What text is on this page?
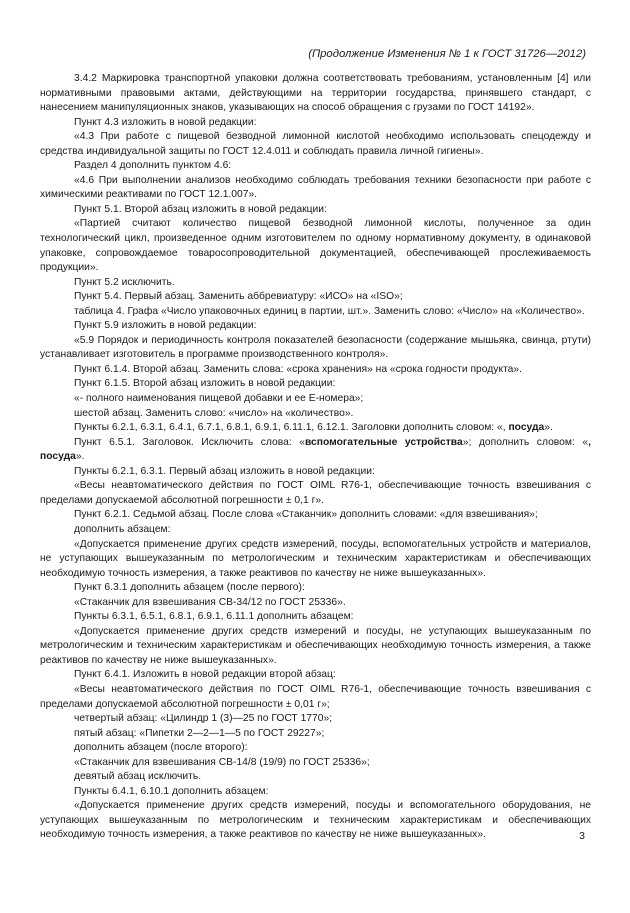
(Продолжение Изменения № 1 к ГОСТ 31726—2012)

3.4.2 Маркировка транспортной упаковки должна соответствовать требованиям, установленным [4] или нормативными правовыми актами, действующими на территории государства, принявшего стандарт, с нанесением манипуляционных знаков, указывающих на способ обращения с грузами по ГОСТ 14192».

Пункт 4.3 изложить в новой редакции:

«4.3 При работе с пищевой безводной лимонной кислотой необходимо использовать спецодежду и средства индивидуальной защиты по ГОСТ 12.4.011 и соблюдать правила личной гигиены».

Раздел 4 дополнить пунктом 4.6:

«4.6 При выполнении анализов необходимо соблюдать требования техники безопасности при работе с химическими реактивами по ГОСТ 12.1.007».

Пункт 5.1. Второй абзац изложить в новой редакции:

«Партией считают количество пищевой безводной лимонной кислоты, полученное за один технологический цикл, произведенное одним изготовителем по одному нормативному документу, в одинаковой упаковке, сопровождаемое товаросопроводительной документацией, обеспечивающей прослеживаемость продукции».

Пункт 5.2 исключить.

Пункт 5.4. Первый абзац. Заменить аббревиатуру: «ИСО» на «ISO»;

таблица 4. Графа «Число упаковочных единиц в партии, шт.». Заменить слово: «Число» на «Количество».

Пункт 5.9 изложить в новой редакции:

«5.9 Порядок и периодичность контроля показателей безопасности (содержание мышьяка, свинца, ртути) устанавливает изготовитель в программе производственного контроля».

Пункт 6.1.4. Второй абзац. Заменить слова: «срока хранения» на «срока годности продукта».

Пункт 6.1.5. Второй абзац изложить в новой редакции:

«- полного наименования пищевой добавки и ее Е-номера»;

шестой абзац. Заменить слово: «число» на «количество».

Пункты 6.2.1, 6.3.1, 6.4.1, 6.7.1, 6.8.1, 6.9.1, 6.11.1, 6.12.1. Заголовки дополнить словом: «, посуда».

Пункт 6.5.1. Заголовок. Исключить слова: «вспомогательные устройства»; дополнить словом: «, посуда».

Пункты 6.2.1, 6.3.1. Первый абзац изложить в новой редакции:

«Весы неавтоматического действия по ГОСТ OIML R76-1, обеспечивающие точность взвешивания с пределами допускаемой абсолютной погрешности ± 0,1 г».

Пункт 6.2.1. Седьмой абзац. После слова «Стаканчик» дополнить словами: «для взвешивания»;

дополнить абзацем:

«Допускается применение других средств измерений, посуды, вспомогательных устройств и материалов, не уступающих вышеуказанным по метрологическим и техническим характеристикам и обеспечивающих необходимую точность измерения, а также реактивов по качеству не ниже вышеуказанных».

Пункт 6.3.1 дополнить абзацем (после первого):

«Стаканчик для взвешивания СВ-34/12 по ГОСТ 25336».

Пункты 6.3.1, 6.5.1, 6.8.1, 6.9.1, 6.11.1 дополнить абзацем:

«Допускается применение других средств измерений и посуды, не уступающих вышеуказанным по метрологическим и техническим характеристикам и обеспечивающих необходимую точность измерения, а также реактивов по качеству не ниже вышеуказанных».

Пункт 6.4.1. Изложить в новой редакции второй абзац:

«Весы неавтоматического действия по ГОСТ OIML R76-1, обеспечивающие точность взвешивания с пределами допускаемой абсолютной погрешности ± 0,01 г»;

четвертый абзац: «Цилиндр 1 (3)—25 по ГОСТ 1770»;

пятый абзац: «Пипетки 2—2—1—5 по ГОСТ 29227»;

дополнить абзацем (после второго):

«Стаканчик для взвешивания СВ-14/8 (19/9) по ГОСТ 25336»;

девятый абзац исключить.

Пункты 6.4.1, 6.10.1 дополнить абзацем:

«Допускается применение других средств измерений, посуды и вспомогательного оборудования, не уступающих вышеуказанным по метрологическим и техническим характеристикам и обеспечивающих необходимую точность измерения, а также реактивов по качеству не ниже вышеуказанных».	3
